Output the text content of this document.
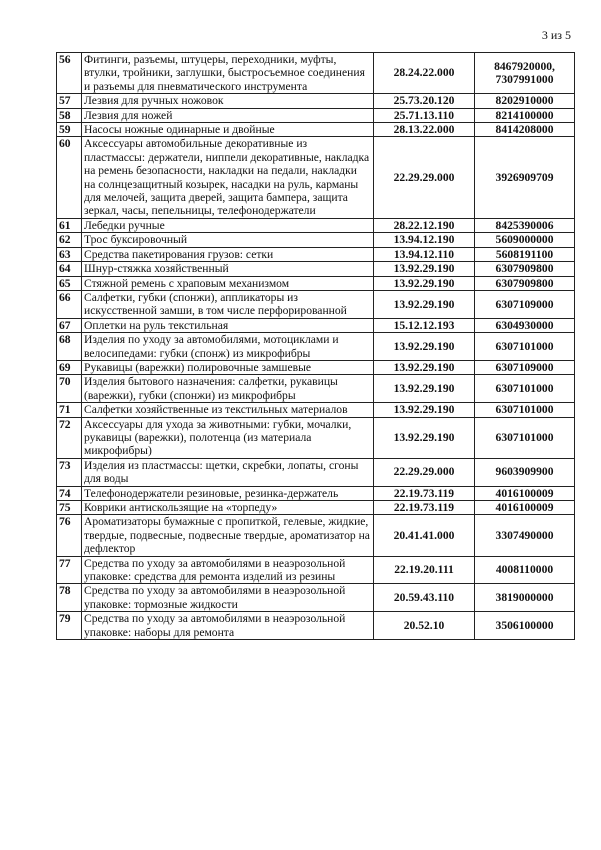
3 из 5
56	Фитинги, разъемы, штуцеры, переходники, муфты, втулки, тройники, заглушки, быстросъемное соединения и разъемы для пневматического инструмента	28.24.22.000	8467920000,
7307991000

57	Лезвия для ручных ножовок	25.73.20.120	8202910000

58	Лезвия для ножей	25.71.13.110	8214100000

59	Насосы ножные одинарные и двойные	28.13.22.000	8414208000

60	Аксессуары автомобильные декоративные из пластмассы: держатели, ниппели декоративные, накладка на ремень безопасности, накладки на педали, накладки на солнцезащитный козырек, насадки на руль, карманы для мелочей, защита дверей, защита бампера, защита зеркал, часы, пепельницы, телефонодержатели	22.29.29.000	3926909709

61	Лебедки ручные	28.22.12.190	8425390006

62	Трос буксировочный	13.94.12.190	5609000000

63	Средства пакетирования грузов: сетки	13.94.12.110	5608191100

64	Шнур-стяжка хозяйственный	13.92.29.190	6307909800

65	Стяжной ремень с храповым механизмом	13.92.29.190	6307909800

66	Салфетки, губки (спонжи), аппликаторы из искусственной замши, в том числе перфорированной	13.92.29.190	6307109000

67	Оплетки на руль текстильная	15.12.12.193	6304930000

68	Изделия по уходу за автомобилями, мотоциклами и велосипедами: губки (спонж) из микрофибры	13.92.29.190	6307101000

69	Рукавицы (варежки) полировочные замшевые	13.92.29.190	6307109000

70	Изделия бытового назначения: салфетки, рукавицы (варежки), губки (спонжи) из микрофибры	13.92.29.190	6307101000

71	Салфетки хозяйственные из текстильных материалов	13.92.29.190	6307101000

72	Аксессуары для ухода за животными: губки, мочалки, рукавицы (варежки), полотенца (из материала микрофибры)	13.92.29.190	6307101000

73	Изделия из пластмассы: щетки, скребки, лопаты, сгоны для воды	22.29.29.000	9603909900

74	Телефонодержатели резиновые, резинка-держатель	22.19.73.119	4016100009

75	Коврики антискользящие на «торпеду»	22.19.73.119	4016100009

76	Ароматизаторы бумажные с пропиткой, гелевые, жидкие, твердые, подвесные, подвесные твердые, ароматизатор на дефлектор	20.41.41.000	3307490000

77	Средства по уходу за автомобилями в неаэрозольной упаковке: средства для ремонта изделий из резины	22.19.20.111	4008110000

78	Средства по уходу за автомобилями в неаэрозольной упаковке: тормозные жидкости	20.59.43.110	3819000000

79	Средства по уходу за автомобилями в неаэрозольной упаковке: наборы для ремонта	20.52.10	3506100000
